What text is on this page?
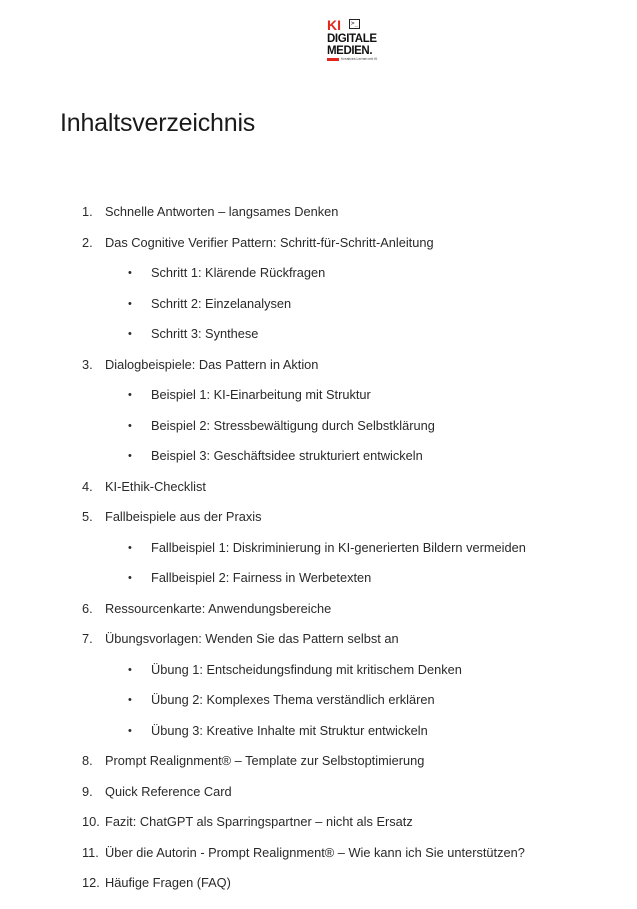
KI	>_
DIGITALE
MEDIEN.
Kreatives Lernen mit KI
Inhaltsverzeichnis
1. Schnelle Antworten – langsames Denken
2. Das Cognitive Verifier Pattern: Schritt-für-Schritt-Anleitung
• Schritt 1: Klärende Rückfragen
• Schritt 2: Einzelanalysen
• Schritt 3: Synthese
3. Dialogbeispiele: Das Pattern in Aktion
• Beispiel 1: KI-Einarbeitung mit Struktur
• Beispiel 2: Stressbewältigung durch Selbstklärung
• Beispiel 3: Geschäftsidee strukturiert entwickeln
4. KI-Ethik-Checklist
5. Fallbeispiele aus der Praxis
• Fallbeispiel 1: Diskriminierung in KI-generierten Bildern vermeiden
• Fallbeispiel 2: Fairness in Werbetexten
6. Ressourcenkarte: Anwendungsbereiche
7. Übungsvorlagen: Wenden Sie das Pattern selbst an
• Übung 1: Entscheidungsfindung mit kritischem Denken
• Übung 2: Komplexes Thema verständlich erklären
• Übung 3: Kreative Inhalte mit Struktur entwickeln
8. Prompt Realignment® – Template zur Selbstoptimierung
9. Quick Reference Card
10. Fazit: ChatGPT als Sparringspartner – nicht als Ersatz
11. Über die Autorin - Prompt Realignment® – Wie kann ich Sie unterstützen?
12. Häufige Fragen (FAQ)
